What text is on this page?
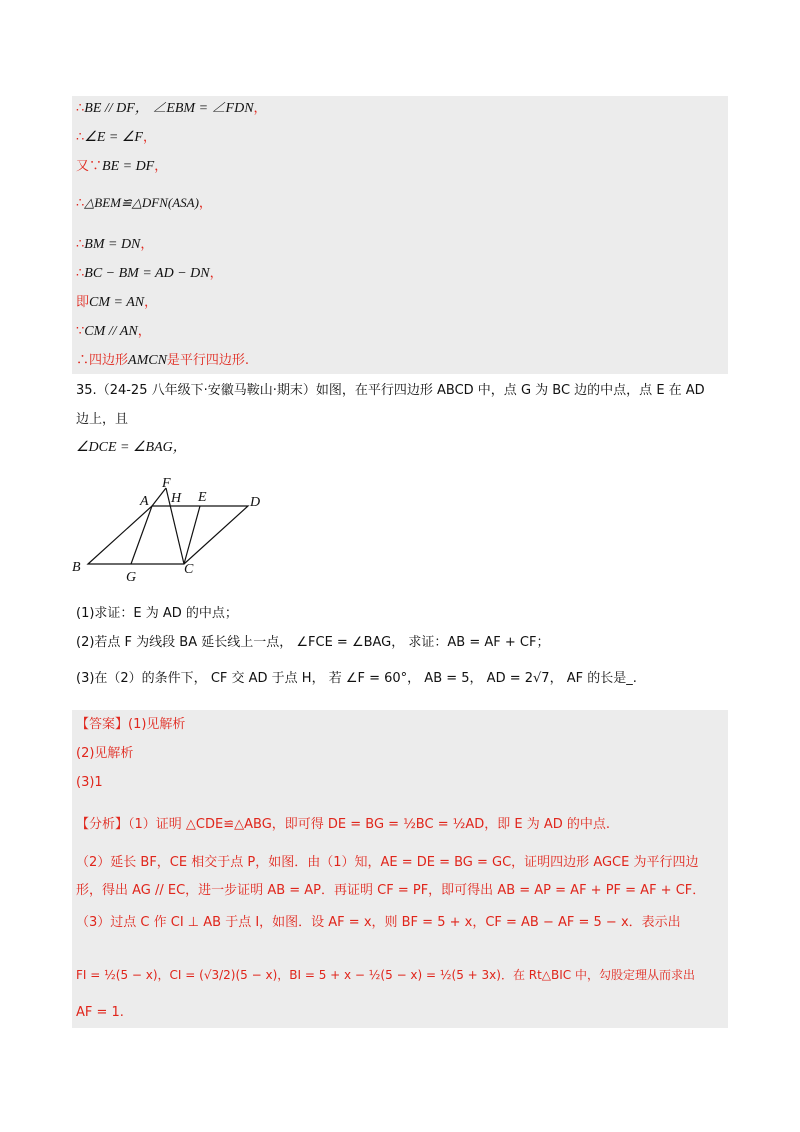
∴BE // DF， ∠EBM = ∠FDN，
∴∠E = ∠F，
又∵BE = DF，
∴△BEM≌△DFN(ASA)，
∴BM = DN，
∴BC − BM = AD − DN，
即CM = AN，
∵CM // AN，
∴四边形AMCN是平行四边形.
35.（24-25 八年级下·安徽马鞍山·期末）如图，在平行四边形 ABCD 中，点 G 为 BC 边的中点，点 E 在 AD
边上，且
∠DCE = ∠BAG，
F
A H E	D
B
G
C
(1)求证：E 为 AD 的中点；
(2)若点 F 为线段 BA 延长线上一点， ∠FCE = ∠BAG， 求证：AB = AF + CF；
(3)在（2）的条件下， CF 交 AD 于点 H， 若 ∠F = 60°， AB = 5， AD = 2√7， AF 的长是_.
【答案】(1)见解析
(2)见解析
(3)1
【分析】（1）证明 △CDE≌△ABG，即可得 DE = BG = ½BC = ½AD，即 E 为 AD 的中点.
（2）延长 BF，CE 相交于点 P，如图．由（1）知，AE = DE = BG = GC，证明四边形 AGCE 为平行四边
形，得出 AG // EC，进一步证明 AB = AP．再证明 CF = PF，即可得出 AB = AP = AF + PF = AF + CF．
（3）过点 C 作 CI ⊥ AB 于点 I，如图．设 AF = x，则 BF = 5 + x，CF = AB − AF = 5 − x．表示出
FI = ½(5 − x)，CI = (√3/2)(5 − x)，BI = 5 + x − ½(5 − x) = ½(5 + 3x)．在 Rt△BIC 中，勾股定理从而求出
AF = 1.
